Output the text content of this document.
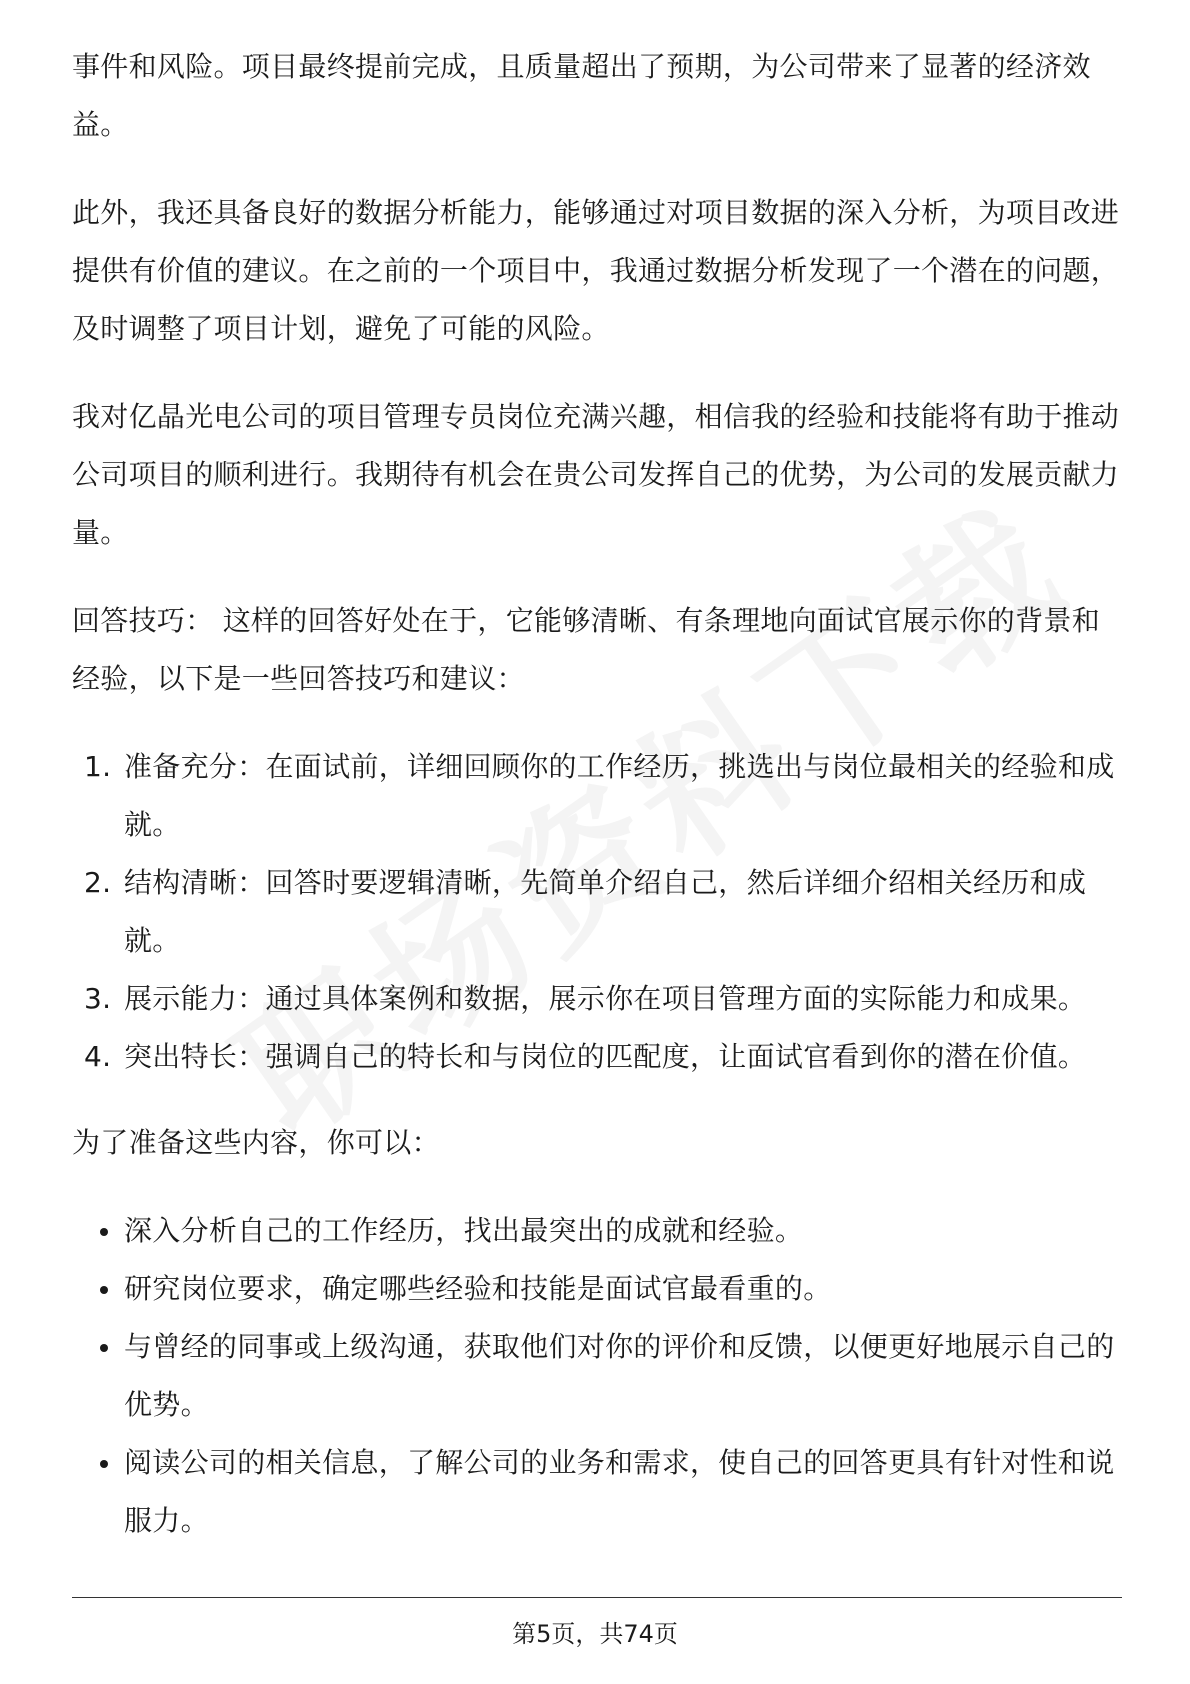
事件和风险。项目最终提前完成，且质量超出了预期，为公司带来了显著的经济效益。

此外，我还具备良好的数据分析能力，能够通过对项目数据的深入分析，为项目改进提供有价值的建议。在之前的一个项目中，我通过数据分析发现了一个潜在的问题，及时调整了项目计划，避免了可能的风险。

我对亿晶光电公司的项目管理专员岗位充满兴趣，相信我的经验和技能将有助于推动公司项目的顺利进行。我期待有机会在贵公司发挥自己的优势，为公司的发展贡献力量。

回答技巧： 这样的回答好处在于，它能够清晰、有条理地向面试官展示你的背景和经验，以下是一些回答技巧和建议：

1. 准备充分：在面试前，详细回顾你的工作经历，挑选出与岗位最相关的经验和成就。
2. 结构清晰：回答时要逻辑清晰，先简单介绍自己，然后详细介绍相关经历和成就。
3. 展示能力：通过具体案例和数据，展示你在项目管理方面的实际能力和成果。
4. 突出特长：强调自己的特长和与岗位的匹配度，让面试官看到你的潜在价值。

为了准备这些内容，你可以：

深入分析自己的工作经历，找出最突出的成就和经验。
研究岗位要求，确定哪些经验和技能是面试官最看重的。
与曾经的同事或上级沟通，获取他们对你的评价和反馈，以便更好地展示自己的优势。
阅读公司的相关信息，了解公司的业务和需求，使自己的回答更具有针对性和说服力。
第5页，共74页
